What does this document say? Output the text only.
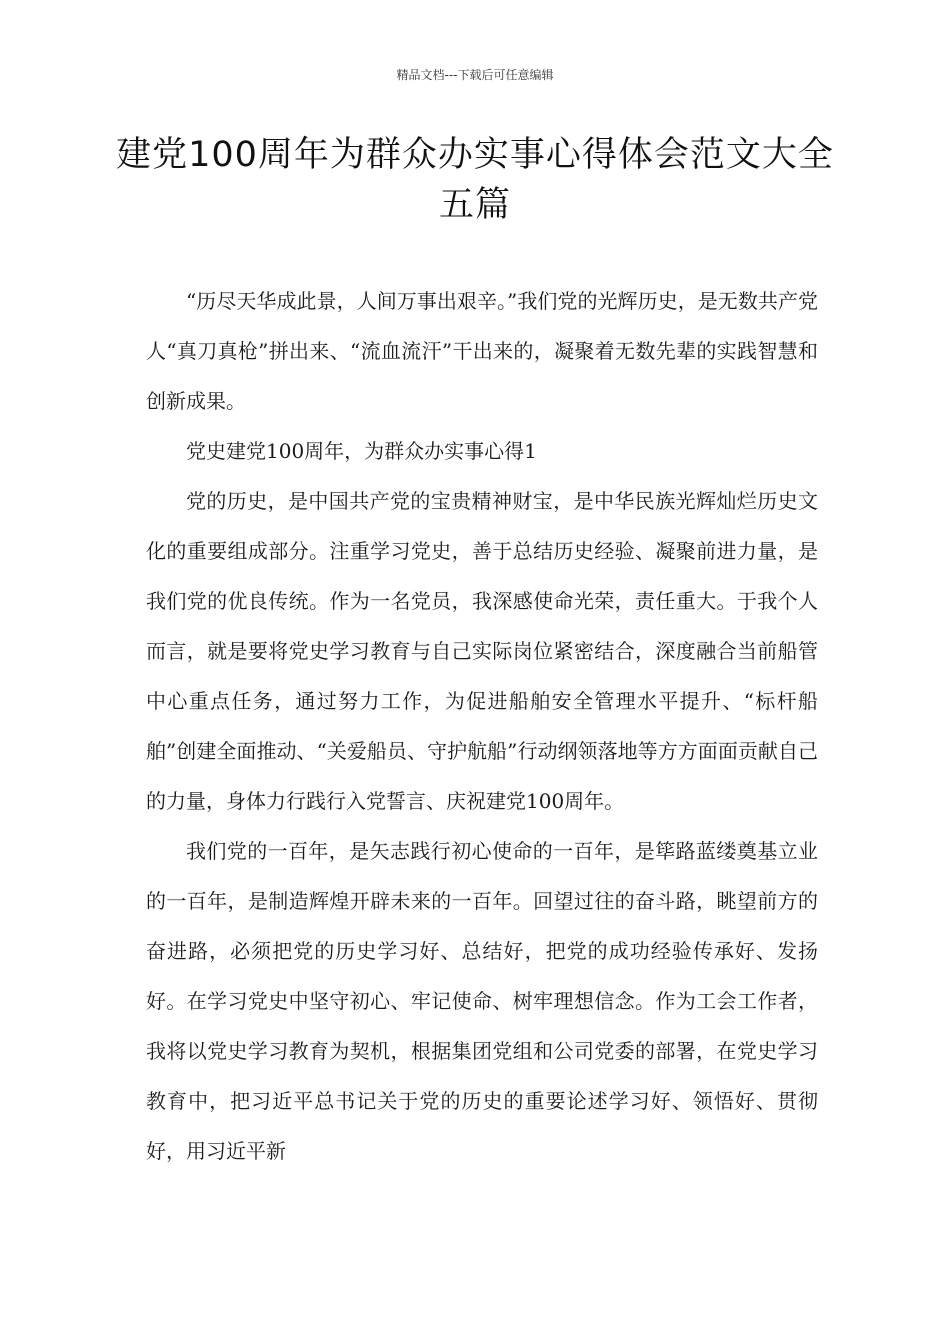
精品文档---下载后可任意编辑
建党100周年为群众办实事心得体会范文大全五篇

“历尽天华成此景，人间万事出艰辛。”我们党的光辉历史，是无数共产党人“真刀真枪”拼出来、“流血流汗”干出来的，凝聚着无数先辈的实践智慧和创新成果。

党史建党100周年，为群众办实事心得1

党的历史，是中国共产党的宝贵精神财宝，是中华民族光辉灿烂历史文化的重要组成部分。注重学习党史，善于总结历史经验、凝聚前进力量，是我们党的优良传统。作为一名党员，我深感使命光荣，责任重大。于我个人而言，就是要将党史学习教育与自己实际岗位紧密结合，深度融合当前船管中心重点任务，通过努力工作，为促进船舶安全管理水平提升、“标杆船舶”创建全面推动、“关爱船员、守护航船”行动纲领落地等方方面面贡献自己的力量，身体力行践行入党誓言、庆祝建党100周年。

我们党的一百年，是矢志践行初心使命的一百年，是筚路蓝缕奠基立业的一百年，是制造辉煌开辟未来的一百年。回望过往的奋斗路，眺望前方的奋进路，必须把党的历史学习好、总结好，把党的成功经验传承好、发扬好。在学习党史中坚守初心、牢记使命、树牢理想信念。作为工会工作者，我将以党史学习教育为契机，根据集团党组和公司党委的部署，在党史学习教育中，把习近平总书记关于党的历史的重要论述学习好、领悟好、贯彻好，用习近平新
